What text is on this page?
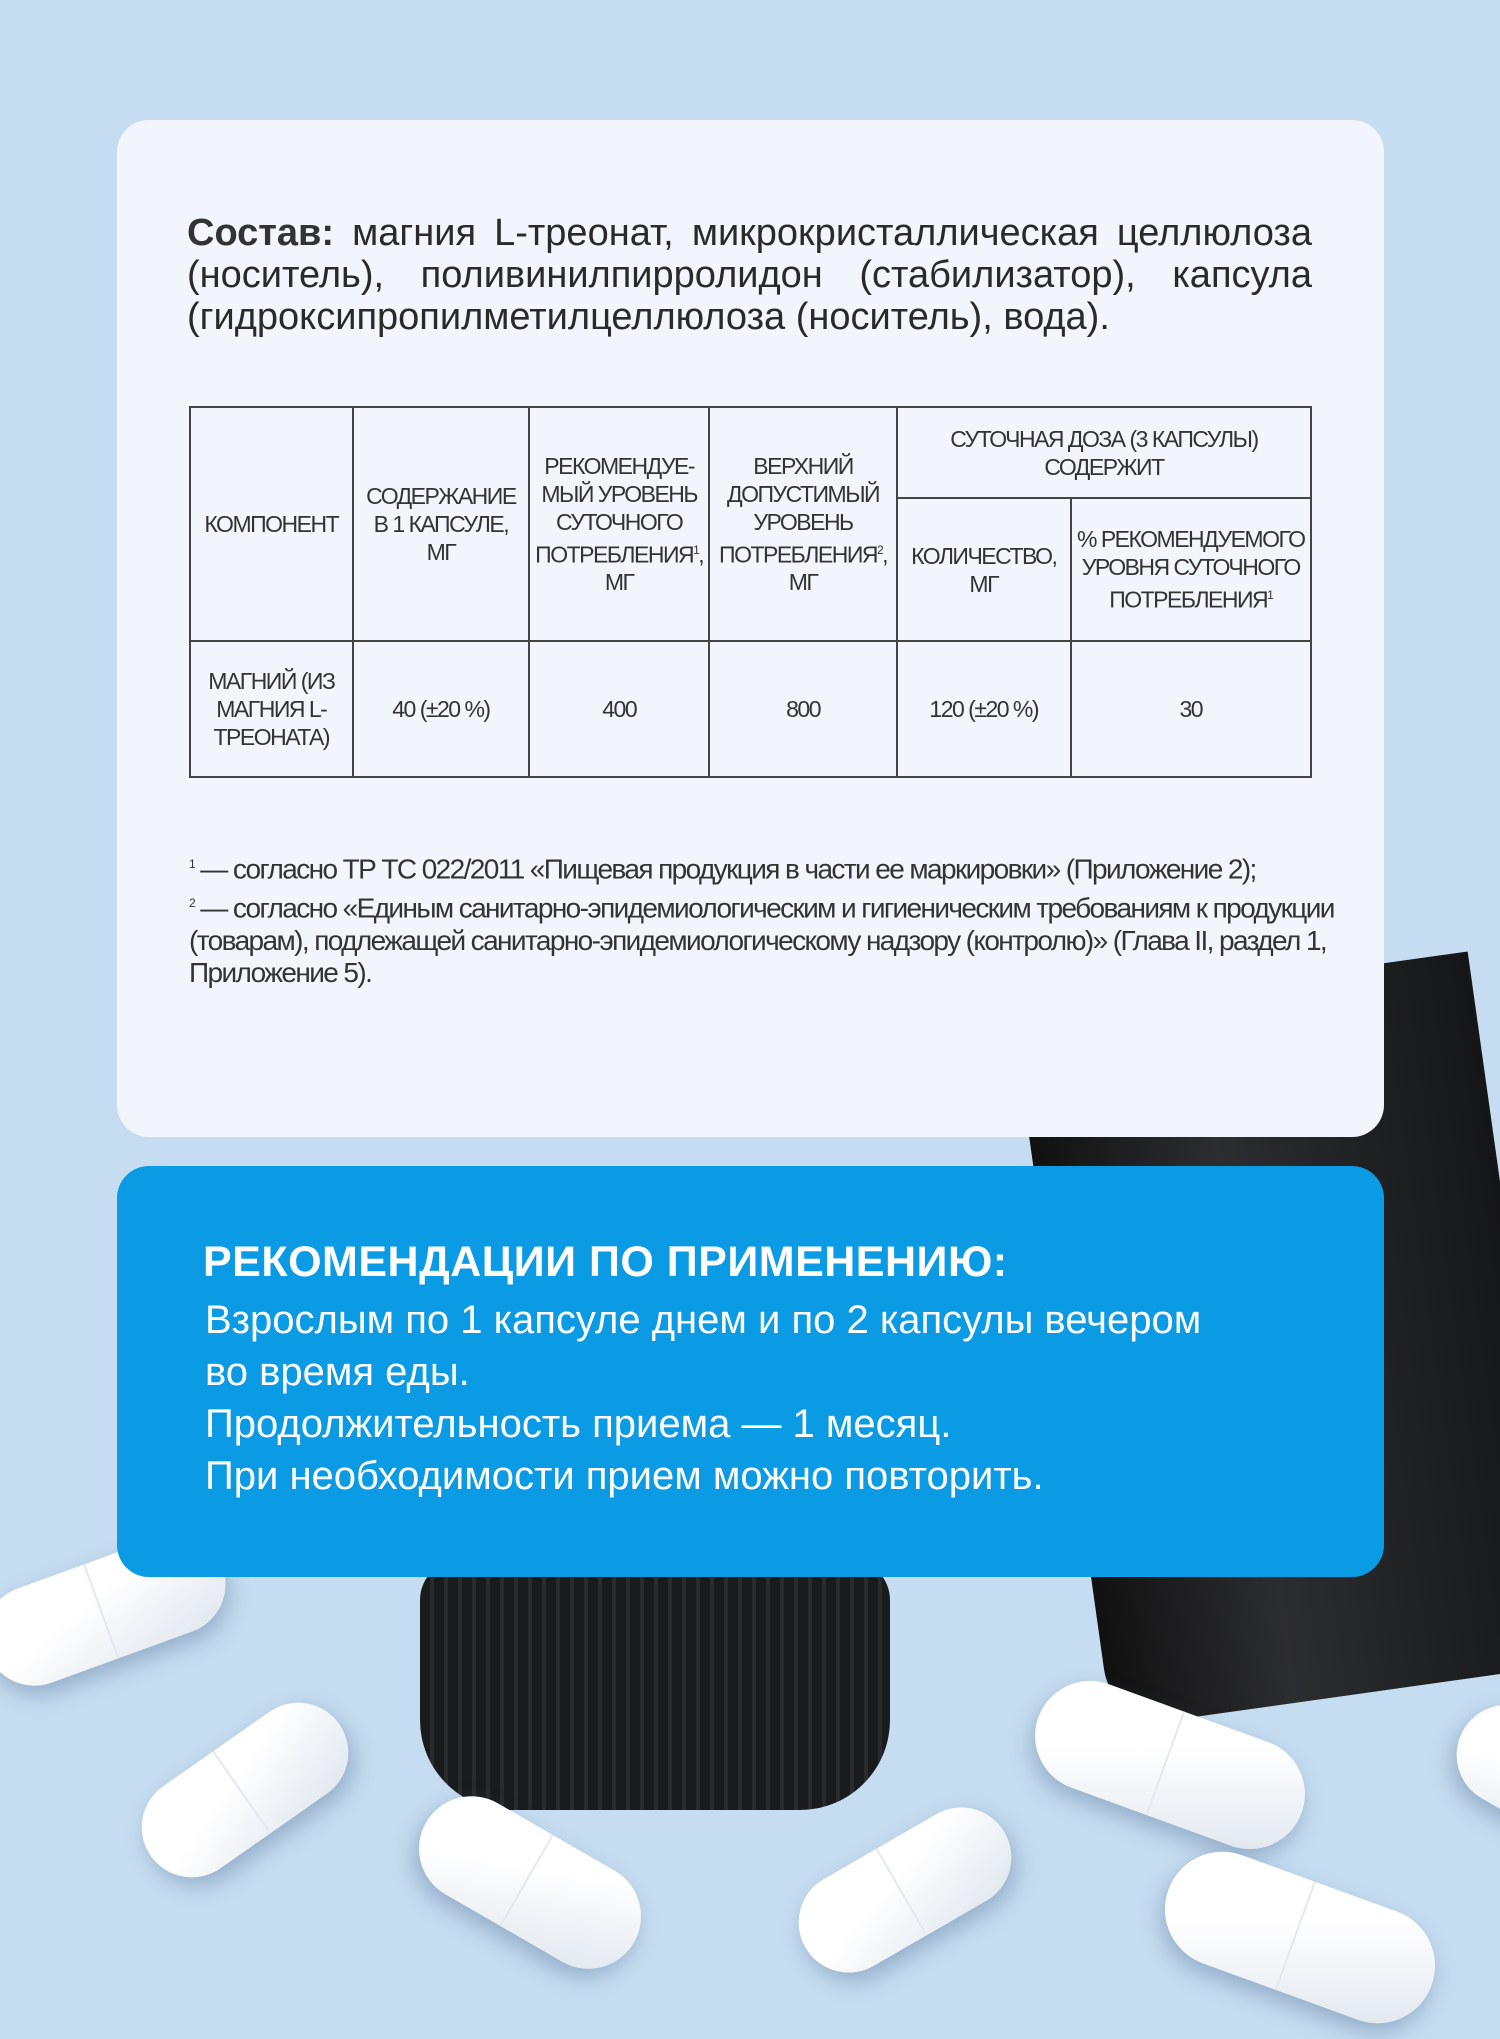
Состав: магния L-треонат, микрокристаллическая целлюлоза (носитель), поливинилпирролидон (стабилизатор), капсула (гидроксипропилметилцеллюлоза (носитель), вода).
КОМПОНЕНТ	СОДЕРЖАНИЕ В 1 КАПСУЛЕ, МГ	РЕКОМЕНДУЕ-МЫЙ УРОВЕНЬ СУТОЧНОГО ПОТРЕБЛЕНИЯ$^1$, МГ	ВЕРХНИЙ ДОПУСТИМЫЙ УРОВЕНЬ ПОТРЕБЛЕНИЯ$^2$, МГ	СУТОЧНАЯ ДОЗА (3 КАПСУЛЫ) СОДЕРЖИТ	
				КОЛИЧЕСТВО, МГ	% РЕКОМЕНДУЕМОГО УРОВНЯ СУТОЧНОГО ПОТРЕБЛЕНИЯ$^1$
МАГНИЙ (ИЗ МАГНИЯ L-ТРЕОНАТА)	40 (±20 %)	400	800	120 (±20 %)	30
$^1$ — согласно ТР ТС 022/2011 «Пищевая продукция в части ее маркировки» (Приложение 2);
$^2$ — согласно «Единым санитарно-эпидемиологическим и гигиеническим требованиям к продукции (товарам), подлежащей санитарно-эпидемиологическому надзору (контролю)» (Глава II, раздел 1, Приложение 5).
РЕКОМЕНДАЦИИ ПО ПРИМЕНЕНИЮ:
Взрослым по 1 капсуле днем и по 2 капсулы вечером
во время еды.
Продолжительность приема — 1 месяц.
При необходимости прием можно повторить.
